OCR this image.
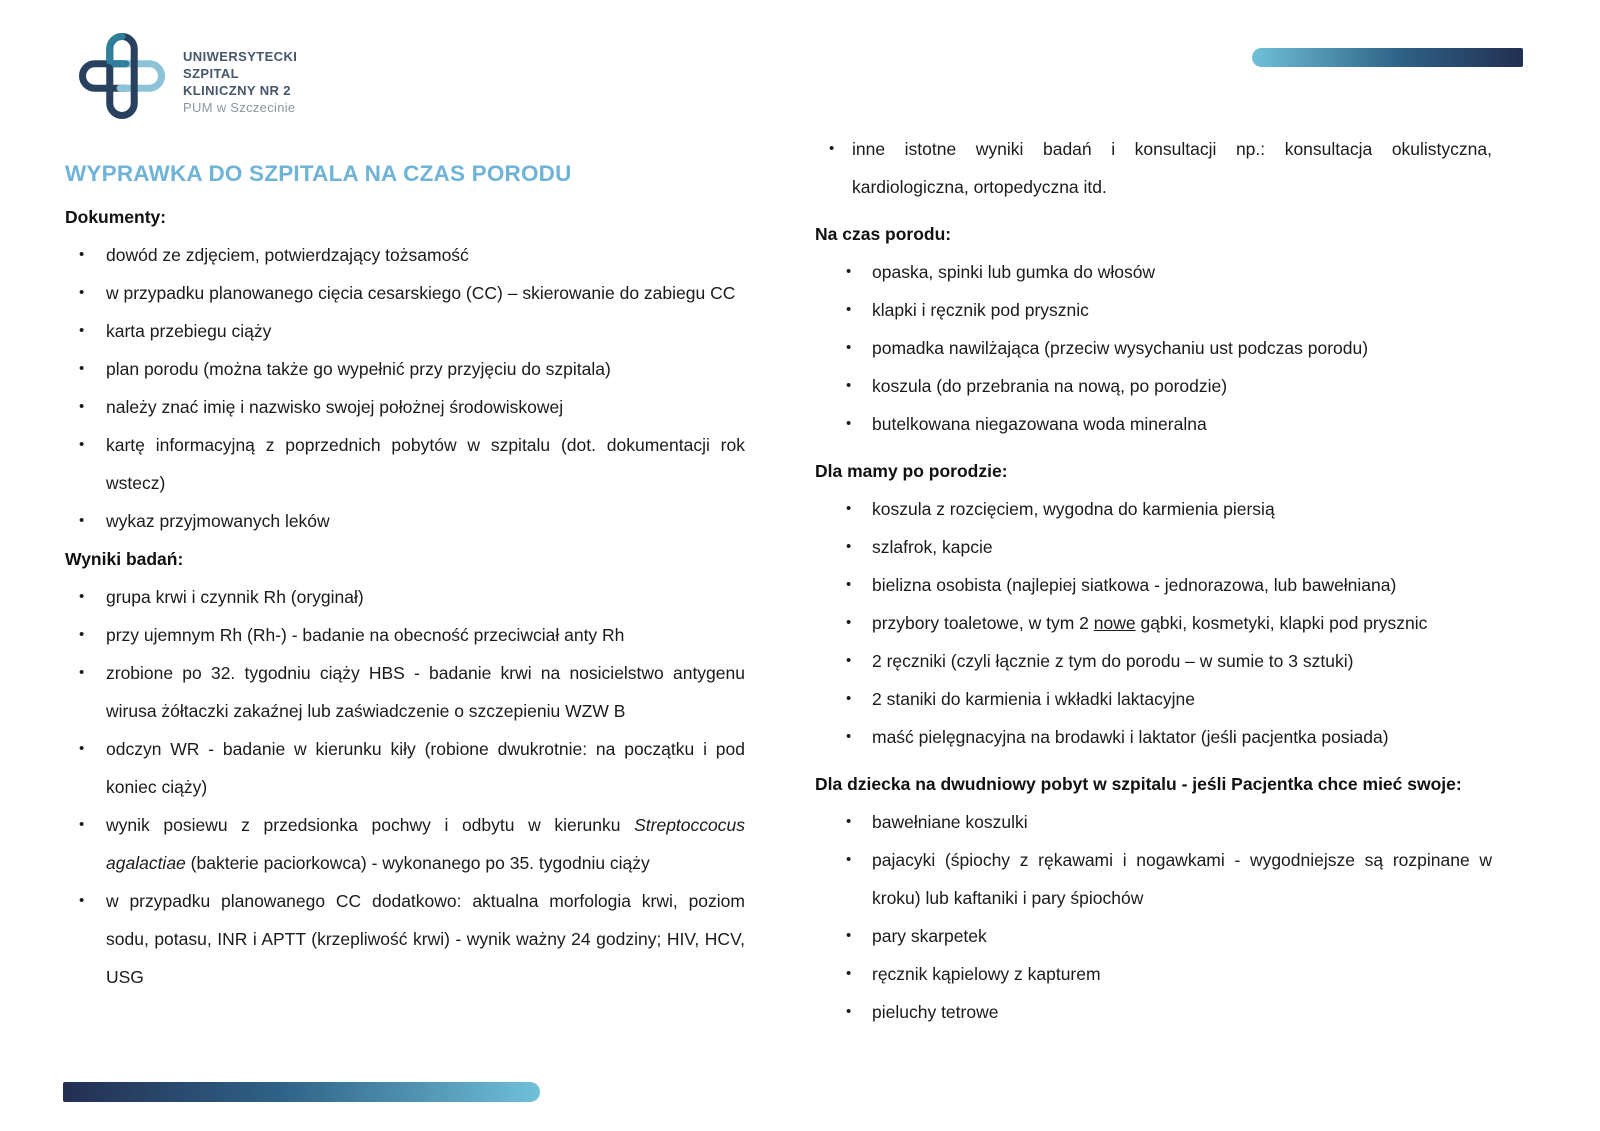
UNIWERSYTECKI
SZPITAL
KLINICZNY NR 2
PUM w Szczecinie
WYPRAWKA DO SZPITALA NA CZAS PORODU
Dokumenty:
•	dowód ze zdjęciem, potwierdzający tożsamość
•	w przypadku planowanego cięcia cesarskiego (CC) – skierowanie do zabiegu CC
•	karta przebiegu ciąży
•	plan porodu (można także go wypełnić przy przyjęciu do szpitala)
•	należy znać imię i nazwisko swojej położnej środowiskowej
•	kartę informacyjną z poprzednich pobytów w szpitalu (dot. dokumentacji rok wstecz)
•	wykaz przyjmowanych leków
Wyniki badań:
•	grupa krwi i czynnik Rh (oryginał)
•	przy ujemnym Rh (Rh-) - badanie na obecność przeciwciał anty Rh
•	zrobione po 32. tygodniu ciąży HBS - badanie krwi na nosicielstwo antygenu wirusa żółtaczki zakaźnej lub zaświadczenie o szczepieniu WZW B
•	odczyn WR - badanie w kierunku kiły (robione dwukrotnie: na początku i pod koniec ciąży)
•	wynik posiewu z przedsionka pochwy i odbytu w kierunku Streptoccocus agalactiae (bakterie paciorkowca) - wykonanego po 35. tygodniu ciąży
•	w przypadku planowanego CC dodatkowo: aktualna morfologia krwi, poziom sodu, potasu, INR i APTT (krzepliwość krwi) - wynik ważny 24 godziny; HIV, HCV, USG
•	inne istotne wyniki badań i konsultacji np.: konsultacja okulistyczna, kardiologiczna, ortopedyczna itd.
Na czas porodu:
•	opaska, spinki lub gumka do włosów
•	klapki i ręcznik pod prysznic
•	pomadka nawilżająca (przeciw wysychaniu ust podczas porodu)
•	koszula (do przebrania na nową, po porodzie)
•	butelkowana niegazowana woda mineralna
Dla mamy po porodzie:
•	koszula z rozcięciem, wygodna do karmienia piersią
•	szlafrok, kapcie
•	bielizna osobista (najlepiej siatkowa - jednorazowa, lub bawełniana)
•	przybory toaletowe, w tym 2 nowe gąbki, kosmetyki, klapki pod prysznic
•	2 ręczniki (czyli łącznie z tym do porodu – w sumie to 3 sztuki)
•	2 staniki do karmienia i wkładki laktacyjne
•	maść pielęgnacyjna na brodawki i laktator (jeśli pacjentka posiada)
Dla dziecka na dwudniowy pobyt w szpitalu - jeśli Pacjentka chce mieć swoje:
•	bawełniane koszulki
•	pajacyki (śpiochy z rękawami i nogawkami - wygodniejsze są rozpinane w kroku) lub kaftaniki i pary śpiochów
•	pary skarpetek
•	ręcznik kąpielowy z kapturem
•	pieluchy tetrowe
